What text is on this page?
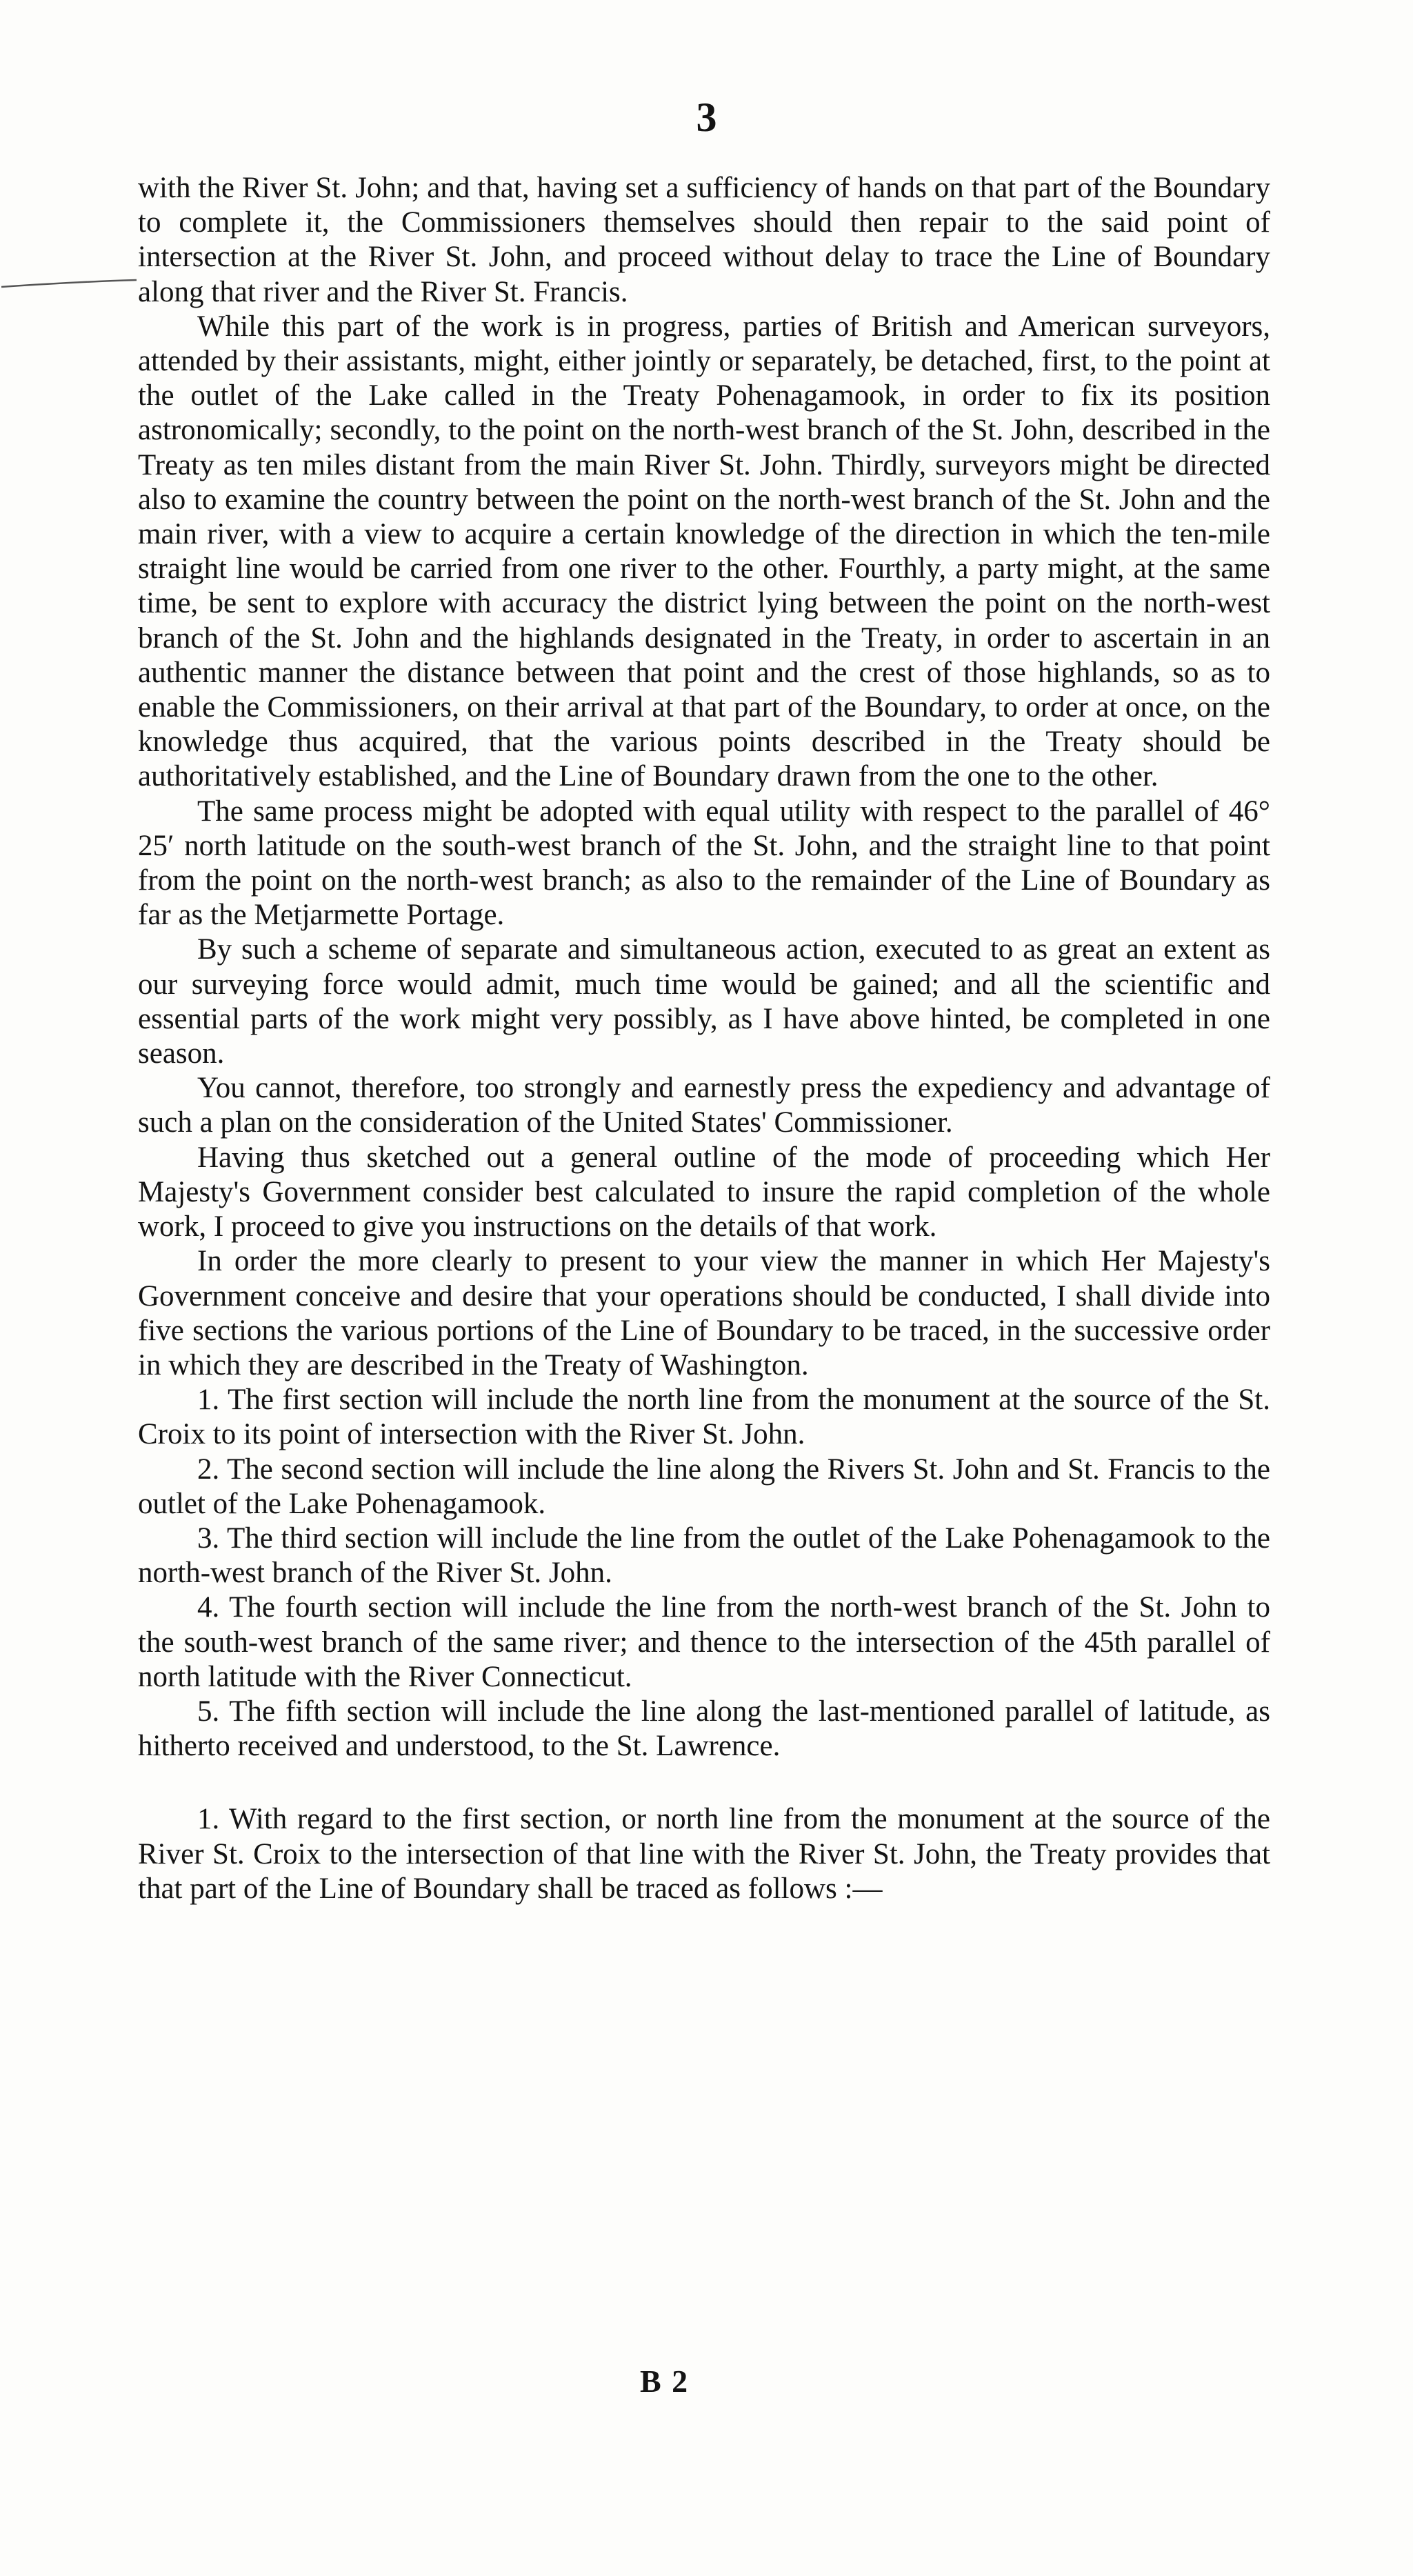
3

with the River St. John; and that, having set a sufficiency of hands on that part of the Boundary to complete it, the Commissioners themselves should then repair to the said point of intersection at the River St. John, and proceed without delay to trace the Line of Boundary along that river and the River St. Francis.

While this part of the work is in progress, parties of British and American surveyors, attended by their assistants, might, either jointly or separately, be detached, first, to the point at the outlet of the Lake called in the Treaty Pohenagamook, in order to fix its position astronomically; secondly, to the point on the north-west branch of the St. John, described in the Treaty as ten miles distant from the main River St. John. Thirdly, surveyors might be directed also to examine the country between the point on the north-west branch of the St. John and the main river, with a view to acquire a certain knowledge of the direction in which the ten-mile straight line would be carried from one river to the other. Fourthly, a party might, at the same time, be sent to explore with accuracy the district lying between the point on the north-west branch of the St. John and the highlands designated in the Treaty, in order to ascertain in an authentic manner the distance between that point and the crest of those highlands, so as to enable the Commissioners, on their arrival at that part of the Boundary, to order at once, on the knowledge thus acquired, that the various points described in the Treaty should be authoritatively established, and the Line of Boundary drawn from the one to the other.

The same process might be adopted with equal utility with respect to the parallel of 46° 25′ north latitude on the south-west branch of the St. John, and the straight line to that point from the point on the north-west branch; as also to the remainder of the Line of Boundary as far as the Metjarmette Portage.

By such a scheme of separate and simultaneous action, executed to as great an extent as our surveying force would admit, much time would be gained; and all the scientific and essential parts of the work might very possibly, as I have above hinted, be completed in one season.

You cannot, therefore, too strongly and earnestly press the expediency and advantage of such a plan on the consideration of the United States' Commissioner.

Having thus sketched out a general outline of the mode of proceeding which Her Majesty's Government consider best calculated to insure the rapid completion of the whole work, I proceed to give you instructions on the details of that work.

In order the more clearly to present to your view the manner in which Her Majesty's Government conceive and desire that your operations should be conducted, I shall divide into five sections the various portions of the Line of Boundary to be traced, in the successive order in which they are described in the Treaty of Washington.

1. The first section will include the north line from the monument at the source of the St. Croix to its point of intersection with the River St. John.

2. The second section will include the line along the Rivers St. John and St. Francis to the outlet of the Lake Pohenagamook.

3. The third section will include the line from the outlet of the Lake Pohenagamook to the north-west branch of the River St. John.

4. The fourth section will include the line from the north-west branch of the St. John to the south-west branch of the same river; and thence to the intersection of the 45th parallel of north latitude with the River Connecticut.

5. The fifth section will include the line along the last-mentioned parallel of latitude, as hitherto received and understood, to the St. Lawrence.

1. With regard to the first section, or north line from the monument at the source of the River St. Croix to the intersection of that line with the River St. John, the Treaty provides that that part of the Line of Boundary shall be traced as follows :—

B 2
